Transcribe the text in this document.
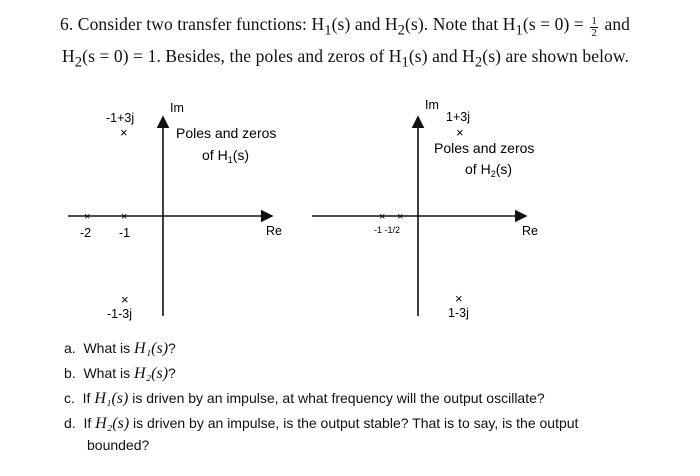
6. Consider two transfer functions: $H_1(s)$ and $H_2(s)$. Note that $H_1(s = 0) = \frac{1}{2}$ and
$H_2(s = 0) = 1$. Besides, the poles and zeros of $H_1(s)$ and $H_2(s)$ are shown below.
Im
Re
Poles and zeros
of $H_1(s)$
-1+3j
×
×	×
-2 -1
×
-1-3j
Im
Re
1+3j
×
Poles and zeros
of $H_2(s)$
× ×
-1 -1/2
×
1-3j
a. What is H₁(s)?
b. What is H₂(s)?
c. If H₁(s) is driven by an impulse, at what frequency will the output oscillate?
d. If H₂(s) is driven by an impulse, is the output stable? That is to say, is the output
bounded?
